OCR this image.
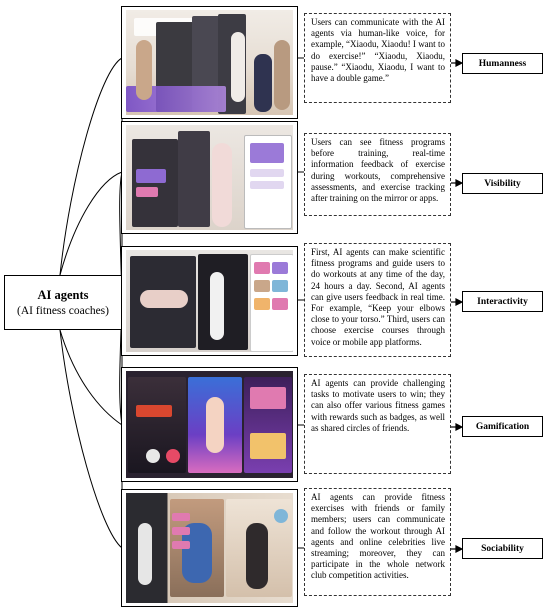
AI agents
(AI fitness coaches)
Users can communicate with the AI agents via human-like voice, for example, “Xiaodu, Xiaodu! I want to do exercise!” “Xiaodu, Xiaodu, pause.” “Xiaodu, Xiaodu, I want to have a double game.”
Humanness
Users can see fitness programs before training, real-time information feedback of exercise during workouts, comprehensive assessments, and exercise tracking after training on the mirror or apps.
Visibility
First, AI agents can make scientific fitness programs and guide users to do workouts at any time of the day, 24 hours a day. Second, AI agents can give users feedback in real time. For example, “Keep your elbows close to your torso.” Third, users can choose exercise courses through voice or mobile app platforms.
Interactivity
AI agents can provide challenging tasks to motivate users to win; they can also offer various fitness games with rewards such as badges, as well as shared circles of friends.	Gamification
AI agents can provide fitness exercises with friends or family members; users can communicate and follow the workout through AI agents and online celebrities live streaming; moreover, they can participate in the whole network club competition activities.
Sociability
